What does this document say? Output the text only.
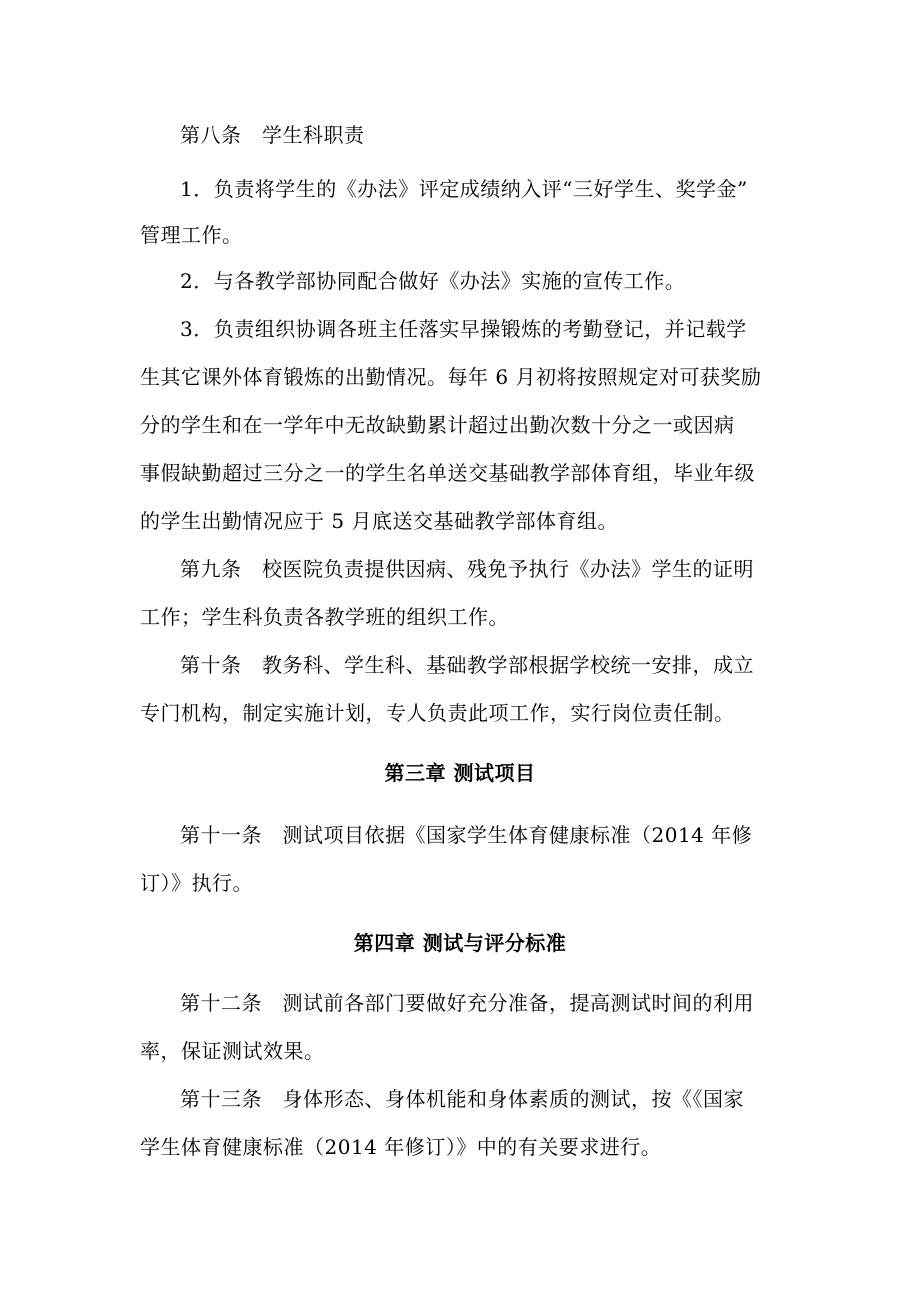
第八条　学生科职责
1．负责将学生的《办法》评定成绩纳入评“三好学生、奖学金”
管理工作。
2．与各教学部协同配合做好《办法》实施的宣传工作。
3．负责组织协调各班主任落实早操锻炼的考勤登记，并记载学
生其它课外体育锻炼的出勤情况。每年 6 月初将按照规定对可获奖励
分的学生和在一学年中无故缺勤累计超过出勤次数十分之一或因病
事假缺勤超过三分之一的学生名单送交基础教学部体育组，毕业年级
的学生出勤情况应于 5 月底送交基础教学部体育组。
第九条　校医院负责提供因病、残免予执行《办法》学生的证明
工作；学生科负责各教学班的组织工作。
第十条　教务科、学生科、基础教学部根据学校统一安排，成立
专门机构，制定实施计划，专人负责此项工作，实行岗位责任制。
第三章 测试项目
第十一条　测试项目依据《国家学生体育健康标准（2014 年修
订）》执行。
第四章 测试与评分标准
第十二条　测试前各部门要做好充分准备，提高测试时间的利用
率，保证测试效果。
第十三条　身体形态、身体机能和身体素质的测试，按《《国家
学生体育健康标准（2014 年修订）》中的有关要求进行。
